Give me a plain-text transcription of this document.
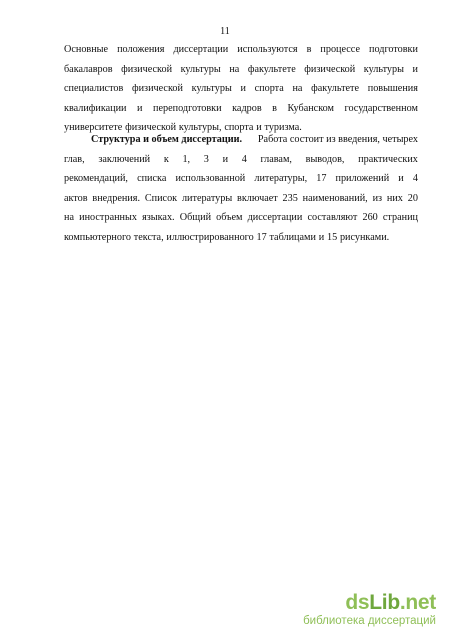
11
Основные положения диссертации используются в процессе подготовки
бакалавров физической культуры на факультете физической культуры и
специалистов физической культуры и спорта на факультете повышения
квалификации и переподготовки кадров в Кубанском государственном
университете физической культуры, спорта и туризма.
Структура и объем диссертации. Работа состоит из введения, четырех
глав, заключений к 1, 3 и 4 главам, выводов, практических
рекомендаций, списка использованной литературы, 17 приложений и 4
актов внедрения. Список литературы включает 235 наименований, из них 20
на иностранных языках. Общий объем диссертации составляют 260 страниц
компьютерного текста, иллюстрированного 17 таблицами и 15 рисунками.
dsLib.net
библиотека диссертаций
